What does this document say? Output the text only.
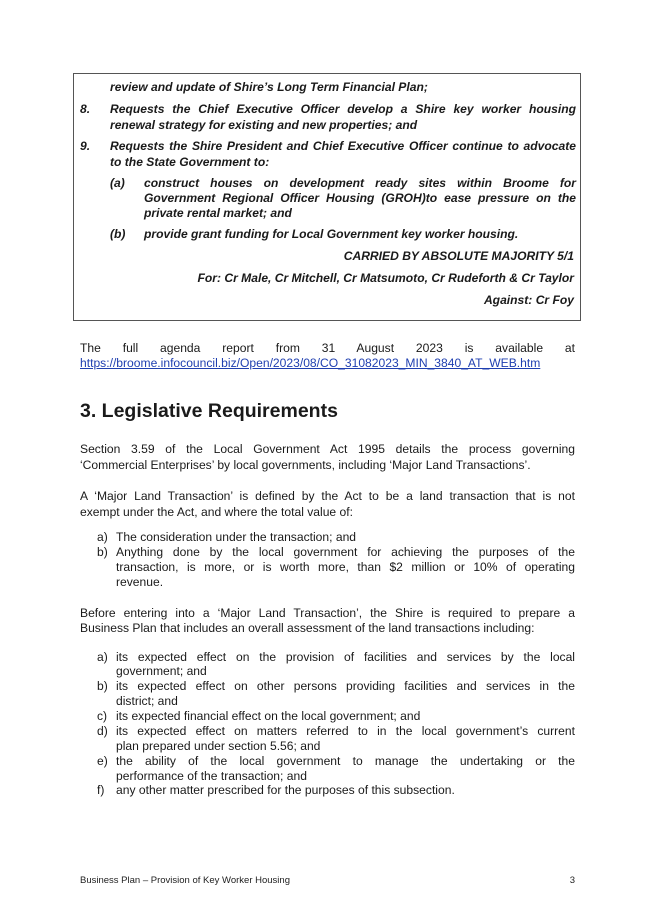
review and update of Shire’s Long Term Financial Plan;
8. Requests the Chief Executive Officer develop a Shire key worker housing
renewal strategy for existing and new properties; and
9. Requests the Shire President and Chief Executive Officer continue to advocate
to the State Government to:
(a) construct houses on development ready sites within Broome for
Government Regional Officer Housing (GROH)to ease pressure on the
private rental market; and
(b) provide grant funding for Local Government key worker housing.
CARRIED BY ABSOLUTE MAJORITY 5/1
For: Cr Male, Cr Mitchell, Cr Matsumoto, Cr Rudeforth & Cr Taylor
Against: Cr Foy
The full agenda report from 31 August 2023 is available at
https://broome.infocouncil.biz/Open/2023/08/CO_31082023_MIN_3840_AT_WEB.htm
3. Legislative Requirements
Section 3.59 of the Local Government Act 1995 details the process governing
‘Commercial Enterprises’ by local governments, including ‘Major Land Transactions’.
A ‘Major Land Transaction’ is defined by the Act to be a land transaction that is not
exempt under the Act, and where the total value of:
a) The consideration under the transaction; and
b) Anything done by the local government for achieving the purposes of the
transaction, is more, or is worth more, than $2 million or 10% of operating
revenue.
Before entering into a ‘Major Land Transaction’, the Shire is required to prepare a
Business Plan that includes an overall assessment of the land transactions including:
a) its expected effect on the provision of facilities and services by the local
government; and
b) its expected effect on other persons providing facilities and services in the
district; and
c) its expected financial effect on the local government; and
d) its expected effect on matters referred to in the local government’s current
plan prepared under section 5.56; and
e) the ability of the local government to manage the undertaking or the
performance of the transaction; and
f) any other matter prescribed for the purposes of this subsection.
Business Plan – Provision of Key Worker Housing	3
